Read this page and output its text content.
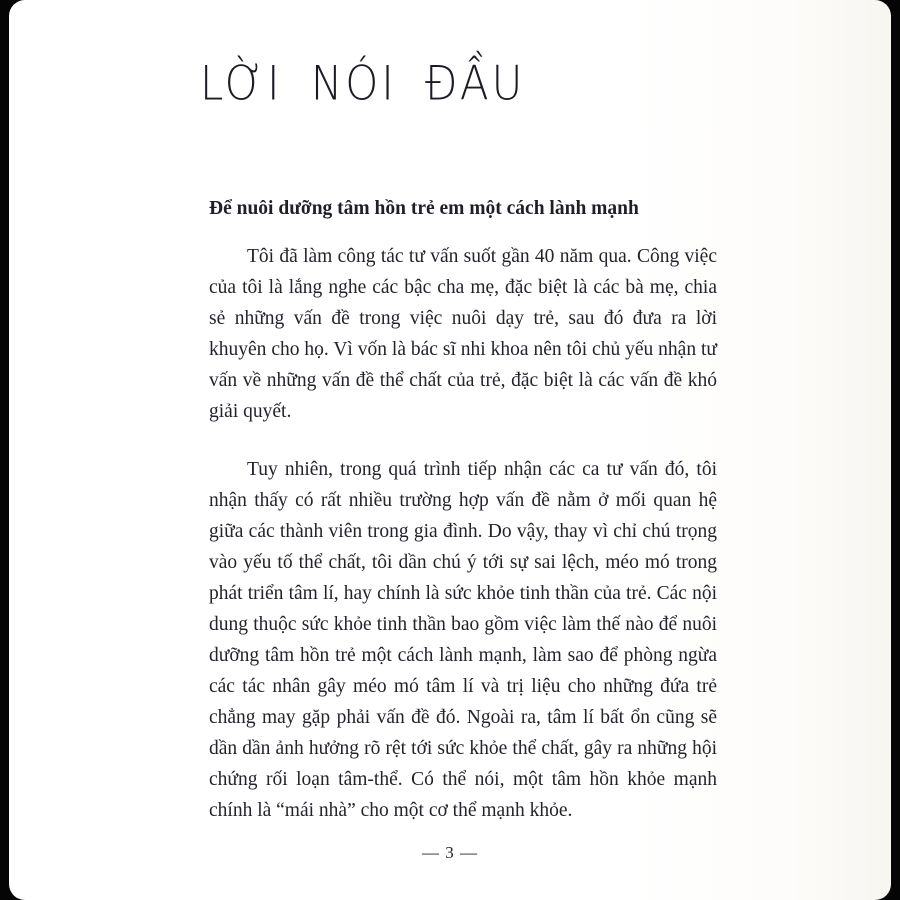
LỜI NÓI ĐẦU
Để nuôi dưỡng tâm hồn trẻ em một cách lành mạnh

Tôi đã làm công tác tư vấn suốt gần 40 năm qua. Công việc của tôi là lắng nghe các bậc cha mẹ, đặc biệt là các bà mẹ, chia sẻ những vấn đề trong việc nuôi dạy trẻ, sau đó đưa ra lời khuyên cho họ. Vì vốn là bác sĩ nhi khoa nên tôi chủ yếu nhận tư vấn về những vấn đề thể chất của trẻ, đặc biệt là các vấn đề khó giải quyết.

Tuy nhiên, trong quá trình tiếp nhận các ca tư vấn đó, tôi nhận thấy có rất nhiều trường hợp vấn đề nằm ở mối quan hệ giữa các thành viên trong gia đình. Do vậy, thay vì chỉ chú trọng vào yếu tố thể chất, tôi dần chú ý tới sự sai lệch, méo mó trong phát triển tâm lí, hay chính là sức khỏe tinh thần của trẻ. Các nội dung thuộc sức khỏe tinh thần bao gồm việc làm thế nào để nuôi dưỡng tâm hồn trẻ một cách lành mạnh, làm sao để phòng ngừa các tác nhân gây méo mó tâm lí và trị liệu cho những đứa trẻ chẳng may gặp phải vấn đề đó. Ngoài ra, tâm lí bất ổn cũng sẽ dần dần ảnh hưởng rõ rệt tới sức khỏe thể chất, gây ra những hội chứng rối loạn tâm-thể. Có thể nói, một tâm hồn khỏe mạnh chính là “mái nhà” cho một cơ thể mạnh khỏe.

— 3 —
